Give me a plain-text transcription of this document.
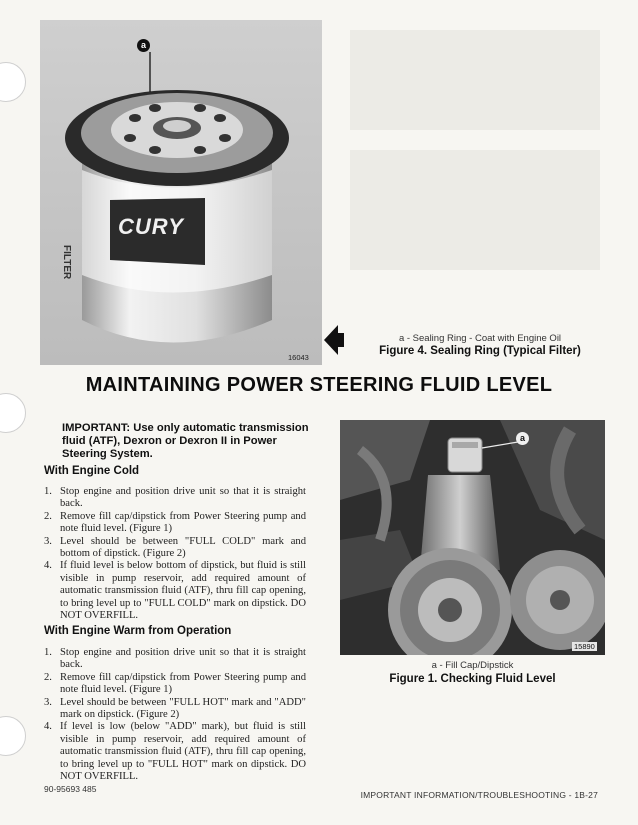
a
CURY
FILTER
16043
a - Sealing Ring - Coat with Engine Oil
Figure 4. Sealing Ring (Typical Filter)
MAINTAINING POWER STEERING FLUID LEVEL
IMPORTANT: Use only automatic transmission fluid (ATF), Dexron or Dexron II in Power Steering System.
With Engine Cold
1. Stop engine and position drive unit so that it is straight back.
2. Remove fill cap/dipstick from Power Steering pump and note fluid level. (Figure 1)
3. Level should be between "FULL COLD" mark and bottom of dipstick. (Figure 2)
4. If fluid level is below bottom of dipstick, but fluid is still visible in pump reservoir, add required amount of automatic transmission fluid (ATF), thru fill cap opening, to bring level up to "FULL COLD" mark on dipstick. DO NOT OVERFILL.
With Engine Warm from Operation
1. Stop engine and position drive unit so that it is straight back.
2. Remove fill cap/dipstick from Power Steering pump and note fluid level. (Figure 1)
3. Level should be between "FULL HOT" mark and "ADD" mark on dipstick. (Figure 2)
4. If level is low (below "ADD" mark), but fluid is still visible in pump reservoir, add required amount of automatic transmission fluid (ATF), thru fill cap opening, to bring level up to "FULL HOT" mark on dipstick. DO NOT OVERFILL.
a
15890
a - Fill Cap/Dipstick
Figure 1. Checking Fluid Level
90-95693 485
IMPORTANT INFORMATION/TROUBLESHOOTING - 1B-27
